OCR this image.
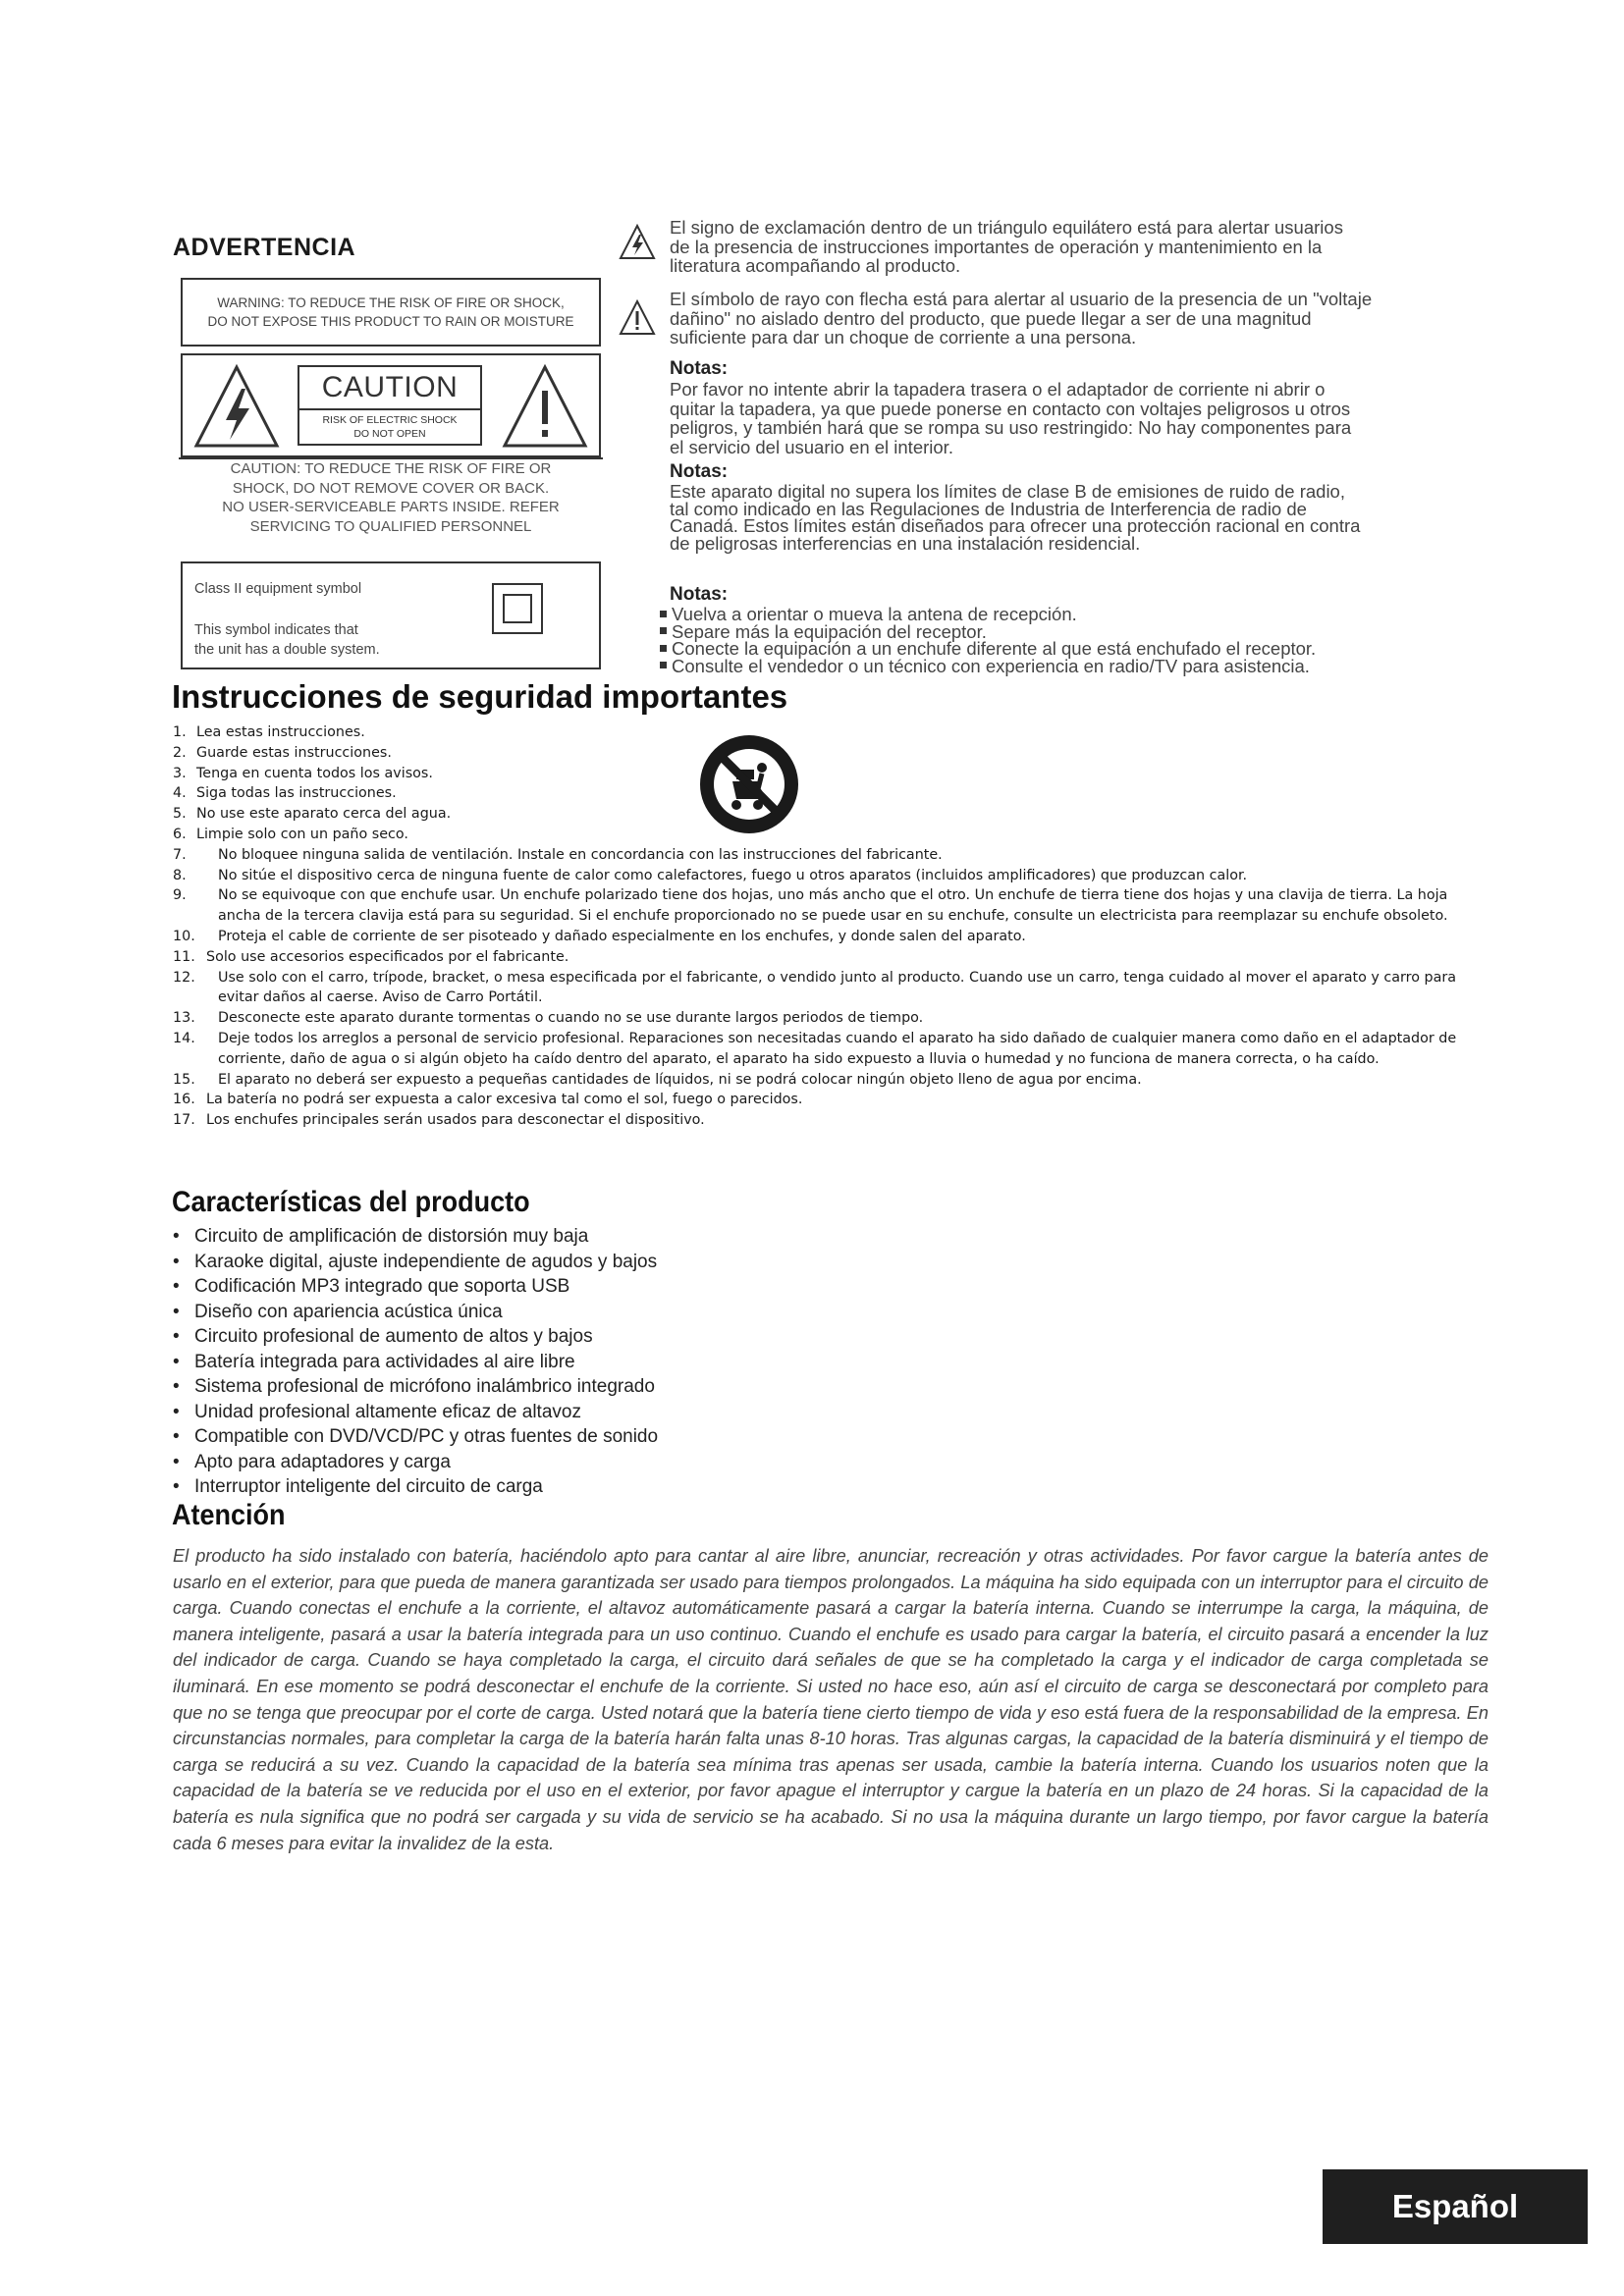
ADVERTENCIA
WARNING: TO REDUCE THE RISK OF FIRE OR SHOCK,
DO NOT EXPOSE THIS PRODUCT TO RAIN OR MOISTURE
CAUTION
RISK OF ELECTRIC SHOCK
DO NOT OPEN
CAUTION: TO REDUCE THE RISK OF FIRE OR
SHOCK, DO NOT REMOVE COVER OR BACK.
NO USER-SERVICEABLE PARTS INSIDE. REFER
SERVICING TO QUALIFIED PERSONNEL
Class II equipment symbol
This symbol indicates that
the unit has a double system.
El signo de exclamación dentro de un triángulo equilátero está para alertar usuarios
de la presencia de instrucciones importantes de operación y mantenimiento en la
literatura acompañando al producto.
El símbolo de rayo con flecha está para alertar al usuario de la presencia de un "voltaje
dañino" no aislado dentro del producto, que puede llegar a ser de una magnitud
suficiente para dar un choque de corriente a una persona.
Notas:
Por favor no intente abrir la tapadera trasera o el adaptador de corriente ni abrir o
quitar la tapadera, ya que puede ponerse en contacto con voltajes peligrosos u otros
peligros, y también hará que se rompa su uso restringido: No hay componentes para
el servicio del usuario en el interior.
Notas:
Este aparato digital no supera los límites de clase B de emisiones de ruido de radio,
tal como indicado en las Regulaciones de Industria de Interferencia de radio de
Canadá. Estos límites están diseñados para ofrecer una protección racional en contra
de peligrosas interferencias en una instalación residencial.
Notas:
Vuelva a orientar o mueva la antena de recepción.
Separe más la equipación del receptor.
Conecte la equipación a un enchufe diferente al que está enchufado el receptor.
Consulte el vendedor o un técnico con experiencia en radio/TV para asistencia.
Instrucciones de seguridad importantes
1. Lea estas instrucciones.
2. Guarde estas instrucciones.
3. Tenga en cuenta todos los avisos.
4. Siga todas las instrucciones.
5. No use este aparato cerca del agua.
6. Limpie solo con un paño seco.
7.	No bloquee ninguna salida de ventilación. Instale en concordancia con las instrucciones del fabricante.
8.	No sitúe el dispositivo cerca de ninguna fuente de calor como calefactores, fuego u otros aparatos (incluidos amplificadores) que produzcan calor.
9.	No se equivoque con que enchufe usar. Un enchufe polarizado tiene dos hojas, uno más ancho que el otro. Un enchufe de tierra tiene dos hojas y una clavija de tierra. La hoja ancha de la tercera clavija está para su seguridad. Si el enchufe proporcionado no se puede usar en su enchufe, consulte un electricista para reemplazar su enchufe obsoleto.
10.	Proteja el cable de corriente de ser pisoteado y dañado especialmente en los enchufes, y donde salen del aparato.
11. Solo use accesorios especificados por el fabricante.
12.	Use solo con el carro, trípode, bracket, o mesa especificada por el fabricante, o vendido junto al producto. Cuando use un carro, tenga cuidado al mover el aparato y carro para evitar daños al caerse. Aviso de Carro Portátil.
13.	Desconecte este aparato durante tormentas o cuando no se use durante largos periodos de tiempo.
14.	Deje todos los arreglos a personal de servicio profesional. Reparaciones son necesitadas cuando el aparato ha sido dañado de cualquier manera como daño en el adaptador de corriente, daño de agua o si algún objeto ha caído dentro del aparato, el aparato ha sido expuesto a lluvia o humedad y no funciona de manera correcta, o ha caído.
15.	El aparato no deberá ser expuesto a pequeñas cantidades de líquidos, ni se podrá colocar ningún objeto lleno de agua por encima.
16. La batería no podrá ser expuesta a calor excesiva tal como el sol, fuego o parecidos.
17. Los enchufes principales serán usados para desconectar el dispositivo.
Características del producto
• Circuito de amplificación de distorsión muy baja
• Karaoke digital, ajuste independiente de agudos y bajos
• Codificación MP3 integrado que soporta USB
• Diseño con apariencia acústica única
• Circuito profesional de aumento de altos y bajos
• Batería integrada para actividades al aire libre
• Sistema profesional de micrófono inalámbrico integrado
• Unidad profesional altamente eficaz de altavoz
• Compatible con DVD/VCD/PC y otras fuentes de sonido
• Apto para adaptadores y carga
• Interruptor inteligente del circuito de carga
Atención
El producto ha sido instalado con batería, haciéndolo apto para cantar al aire libre, anunciar, recreación y otras actividades. Por favor cargue la batería antes de usarlo en el exterior, para que pueda de manera garantizada ser usado para tiempos prolongados. La máquina ha sido equipada con un interruptor para el circuito de carga. Cuando conectas el enchufe a la corriente, el altavoz automáticamente pasará a cargar la batería interna. Cuando se interrumpe la carga, la máquina, de manera inteligente, pasará a usar la batería integrada para un uso continuo. Cuando el enchufe es usado para cargar la batería, el circuito pasará a encender la luz del indicador de carga. Cuando se haya completado la carga, el circuito dará señales de que se ha completado la carga y el indicador de carga completada se iluminará. En ese momento se podrá desconectar el enchufe de la corriente. Si usted no hace eso, aún así el circuito de carga se desconectará por completo para que no se tenga que preocupar por el corte de carga. Usted notará que la batería tiene cierto tiempo de vida y eso está fuera de la responsabilidad de la empresa. En circunstancias normales, para completar la carga de la batería harán falta unas 8-10 horas. Tras algunas cargas, la capacidad de la batería disminuirá y el tiempo de carga se reducirá a su vez. Cuando la capacidad de la batería sea mínima tras apenas ser usada, cambie la batería interna. Cuando los usuarios noten que la capacidad de la batería se ve reducida por el uso en el exterior, por favor apague el interruptor y cargue la batería en un plazo de 24 horas. Si la capacidad de la batería es nula significa que no podrá ser cargada y su vida de servicio se ha acabado. Si no usa la máquina durante un largo tiempo, por favor cargue la batería cada 6 meses para evitar la invalidez de la esta.
Español
